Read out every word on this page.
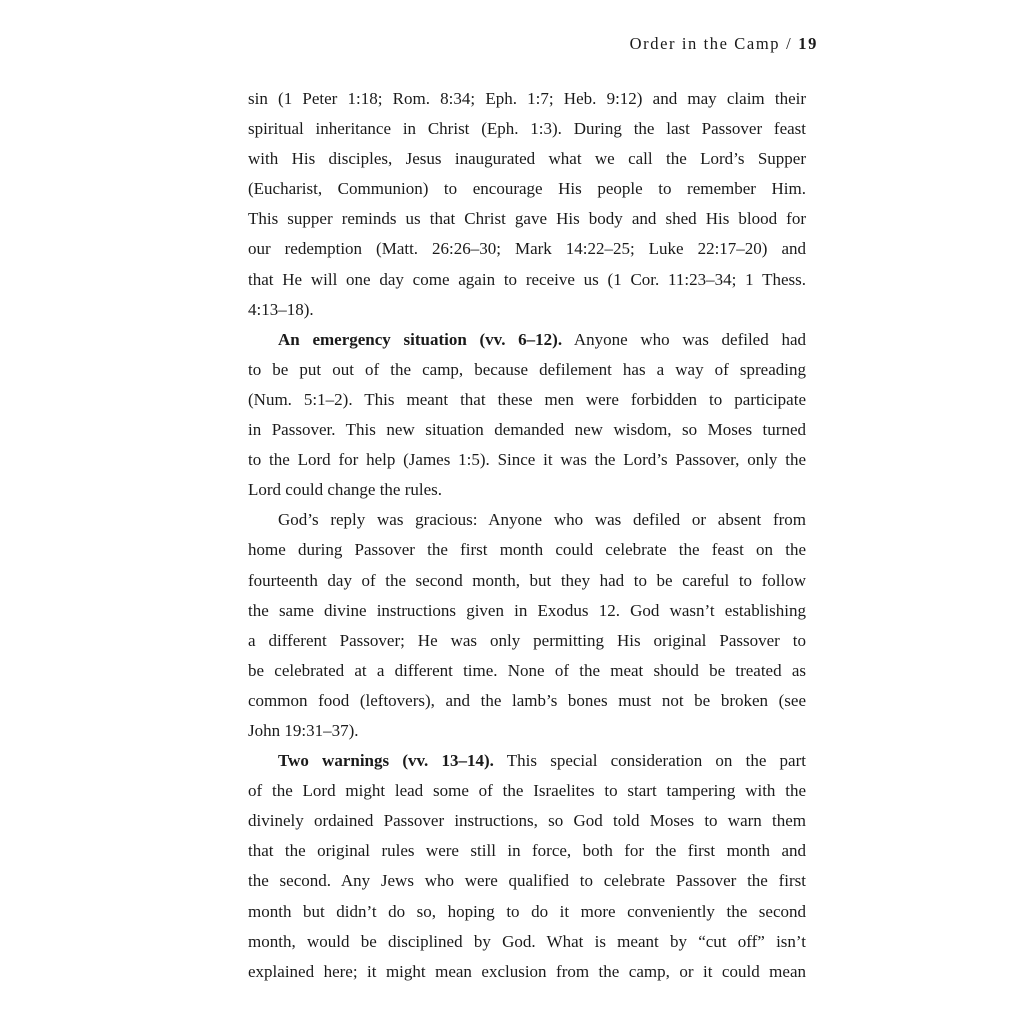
Order in the Camp / 19
sin (1 Peter 1:18; Rom. 8:34; Eph. 1:7; Heb. 9:12) and may claim their
spiritual inheritance in Christ (Eph. 1:3). During the last Passover feast
with His disciples, Jesus inaugurated what we call the Lord’s Supper
(Eucharist, Communion) to encourage His people to remember Him.
This supper reminds us that Christ gave His body and shed His blood for
our redemption (Matt. 26:26–30; Mark 14:22–25; Luke 22:17–20) and
that He will one day come again to receive us (1 Cor. 11:23–34; 1 Thess.
4:13–18).
An emergency situation (vv. 6–12). Anyone who was defiled had
to be put out of the camp, because defilement has a way of spreading
(Num. 5:1–2). This meant that these men were forbidden to participate
in Passover. This new situation demanded new wisdom, so Moses turned
to the Lord for help (James 1:5). Since it was the Lord’s Passover, only the
Lord could change the rules.
God’s reply was gracious: Anyone who was defiled or absent from
home during Passover the first month could celebrate the feast on the
fourteenth day of the second month, but they had to be careful to follow
the same divine instructions given in Exodus 12. God wasn’t establishing
a different Passover; He was only permitting His original Passover to
be celebrated at a different time. None of the meat should be treated as
common food (leftovers), and the lamb’s bones must not be broken (see
John 19:31–37).
Two warnings (vv. 13–14). This special consideration on the part
of the Lord might lead some of the Israelites to start tampering with the
divinely ordained Passover instructions, so God told Moses to warn them
that the original rules were still in force, both for the first month and
the second. Any Jews who were qualified to celebrate Passover the first
month but didn’t do so, hoping to do it more conveniently the second
month, would be disciplined by God. What is meant by “cut off” isn’t
explained here; it might mean exclusion from the camp, or it could mean
